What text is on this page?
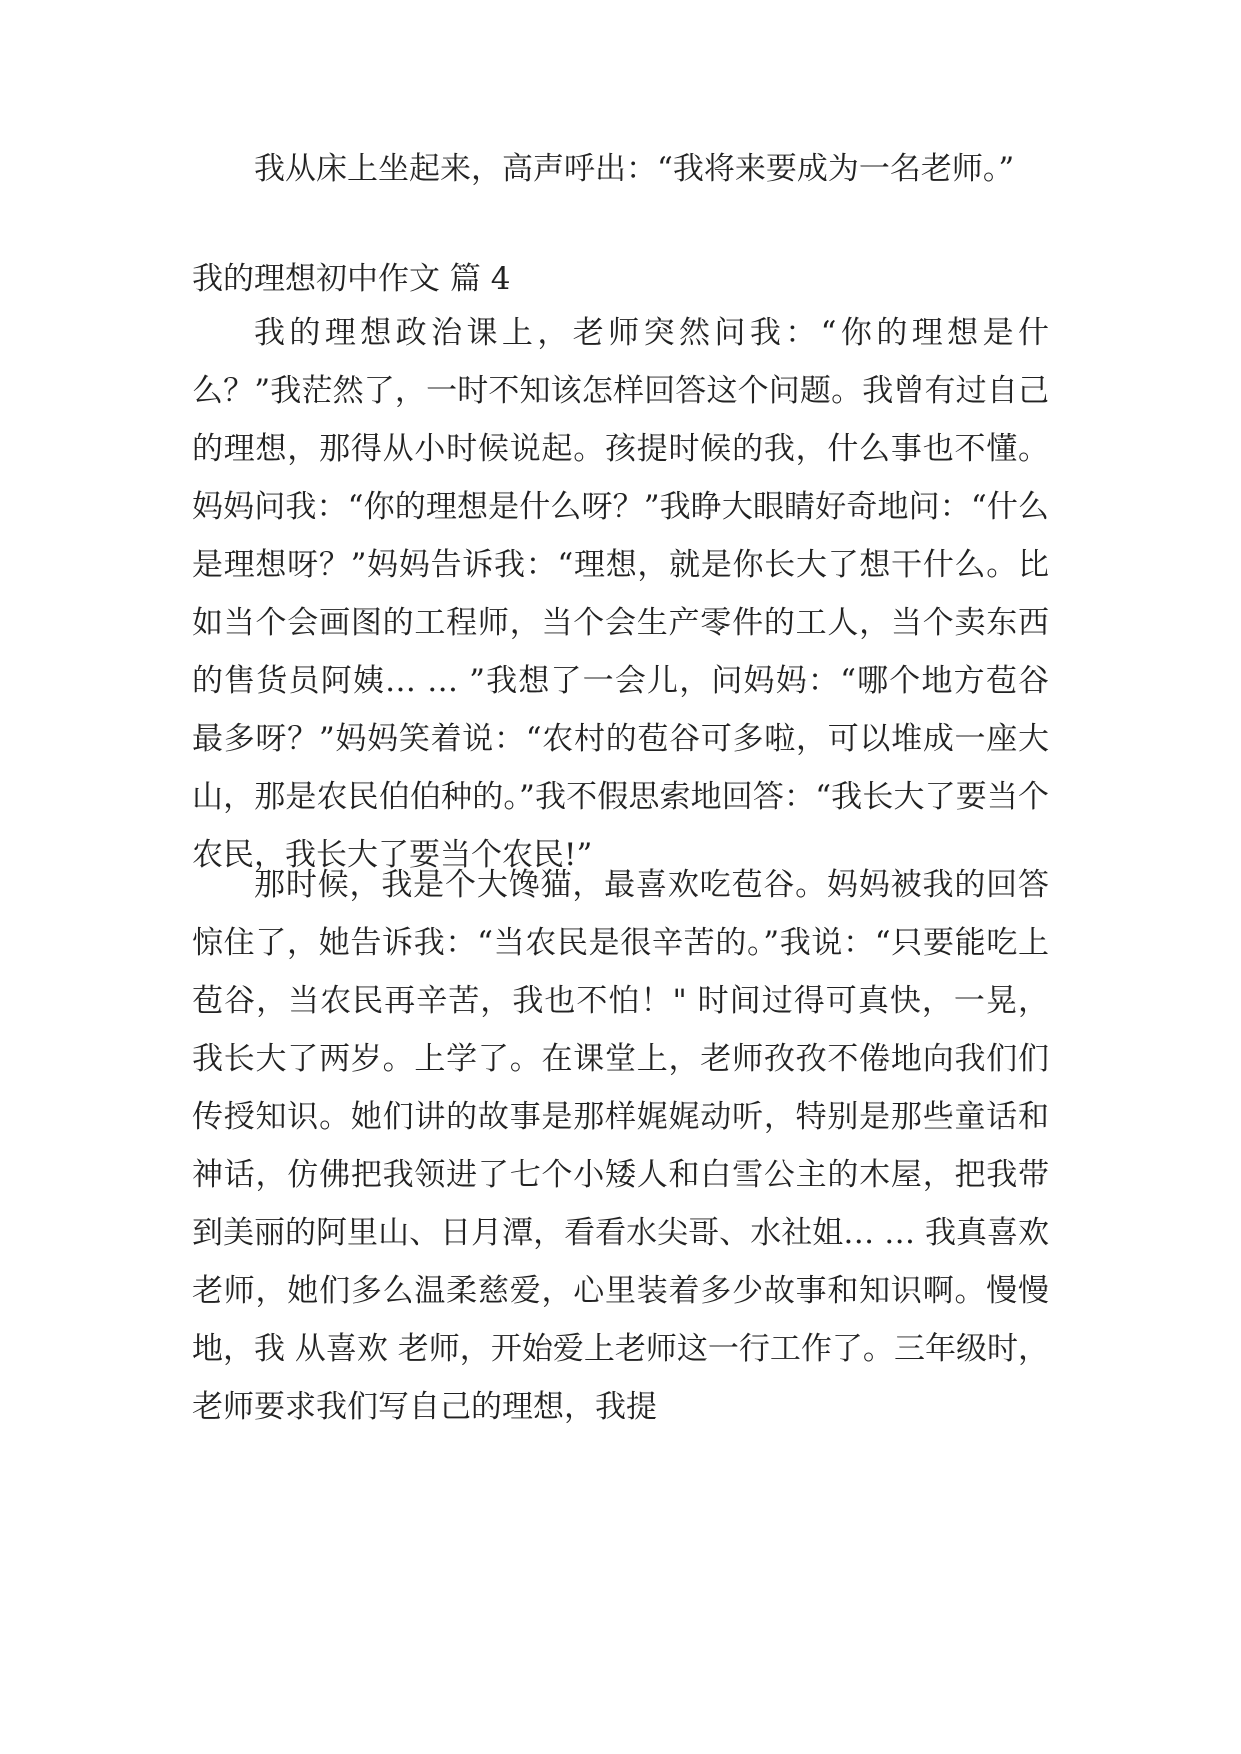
我从床上坐起来，高声呼出：“我将来要成为一名老师。”

我的理想初中作文 篇 4

我的理想政治课上，老师突然问我：“你的理想是什么？”我茫然了，一时不知该怎样回答这个问题。我曾有过自己的理想，那得从小时候说起。孩提时候的我，什么事也不懂。妈妈问我：“你的理想是什么呀？”我睁大眼睛好奇地问：“什么是理想呀？”妈妈告诉我：“理想，就是你长大了想干什么。比如当个会画图的工程师，当个会生产零件的工人，当个卖东西的售货员阿姨… … ”我想了一会儿，问妈妈：“哪个地方苞谷最多呀？”妈妈笑着说：“农村的苞谷可多啦，可以堆成一座大山，那是农民伯伯种的。”我不假思索地回答：“我长大了要当个农民，我长大了要当个农民!”

那时候，我是个大馋猫，最喜欢吃苞谷。妈妈被我的回答惊住了，她告诉我：“当农民是很辛苦的。”我说：“只要能吃上苞谷，当农民再辛苦，我也不怕！" 时间过得可真快，一晃，我长大了两岁。上学了。在课堂上，老师孜孜不倦地向我们们传授知识。她们讲的故事是那样娓娓动听，特别是那些童话和神话，仿佛把我领进了七个小矮人和白雪公主的木屋，把我带到美丽的阿里山、日月潭，看看水尖哥、水社姐… … 我真喜欢老师，她们多么温柔慈爱，心里装着多少故事和知识啊。慢慢地，我 从喜欢 老师，开始爱上老师这一行工作了。三年级时，老师要求我们写自己的理想，我提
